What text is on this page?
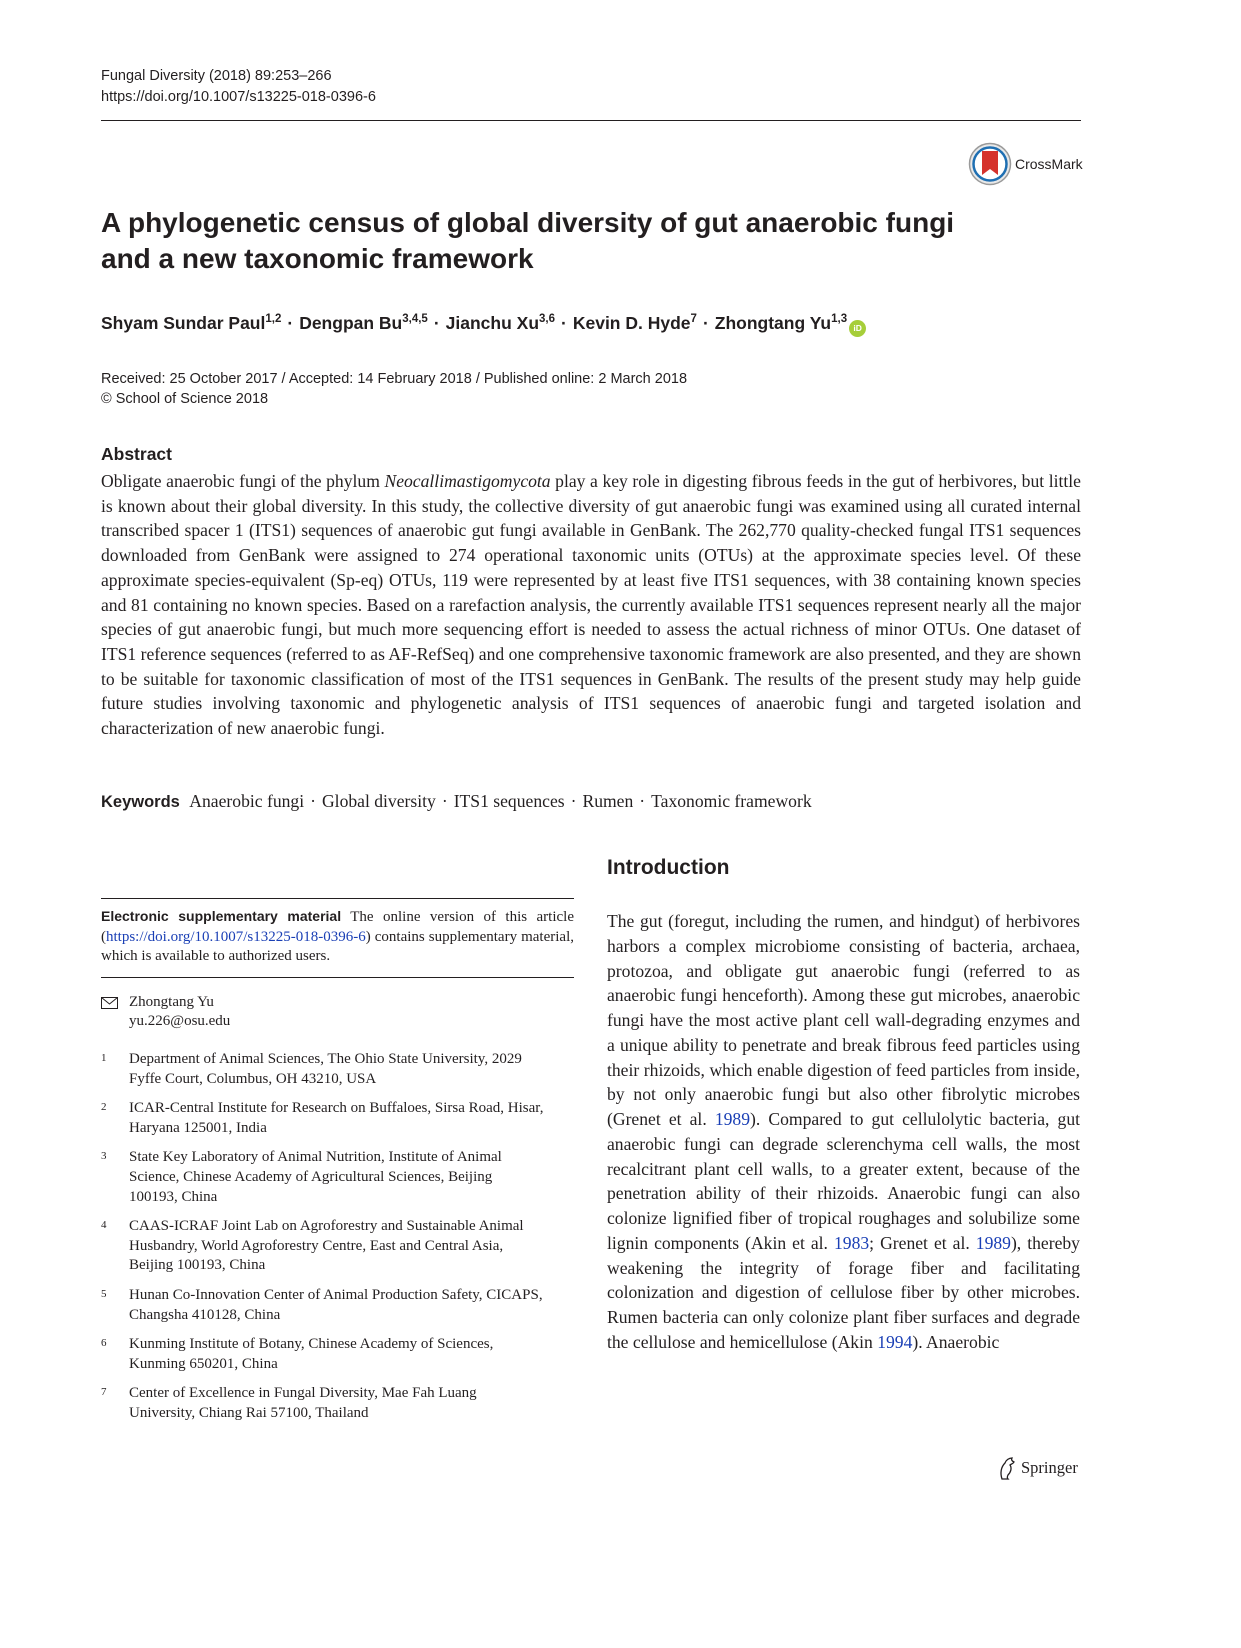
Fungal Diversity (2018) 89:253–266
https://doi.org/10.1007/s13225-018-0396-6
CrossMark
A phylogenetic census of global diversity of gut anaerobic fungi
and a new taxonomic framework
Shyam Sundar Paul$^{1,2}$ · Dengpan Bu$^{3,4,5}$ · Jianchu Xu$^{3,6}$ · Kevin D. Hyde$^7$ · Zhongtang Yu$^{1,3}$iD
Received: 25 October 2017 / Accepted: 14 February 2018 / Published online: 2 March 2018
© School of Science 2018
Abstract

Obligate anaerobic fungi of the phylum Neocallimastigomycota play a key role in digesting fibrous feeds in the gut of herbivores, but little is known about their global diversity. In this study, the collective diversity of gut anaerobic fungi was examined using all curated internal transcribed spacer 1 (ITS1) sequences of anaerobic gut fungi available in GenBank. The 262,770 quality-checked fungal ITS1 sequences downloaded from GenBank were assigned to 274 operational taxonomic units (OTUs) at the approximate species level. Of these approximate species-equivalent (Sp-eq) OTUs, 119 were represented by at least five ITS1 sequences, with 38 containing known species and 81 containing no known species. Based on a rarefaction analysis, the currently available ITS1 sequences represent nearly all the major species of gut anaerobic fungi, but much more sequencing effort is needed to assess the actual richness of minor OTUs. One dataset of ITS1 reference sequences (referred to as AF-RefSeq) and one comprehensive taxonomic framework are also presented, and they are shown to be suitable for taxonomic classification of most of the ITS1 sequences in GenBank. The results of the present study may help guide future studies involving taxonomic and phylogenetic analysis of ITS1 sequences of anaerobic fungi and targeted isolation and characterization of new anaerobic fungi.

Keywords Anaerobic fungi · Global diversity · ITS1 sequences · Rumen · Taxonomic framework

Electronic supplementary material The online version of this article (https://doi.org/10.1007/s13225-018-0396-6) contains supplementary material, which is available to authorized users.

Zhongtang Yu
yu.226@osu.edu
1	Department of Animal Sciences, The Ohio State University, 2029 Fyffe Court, Columbus, OH 43210, USA
2	ICAR-Central Institute for Research on Buffaloes, Sirsa Road, Hisar, Haryana 125001, India
3	State Key Laboratory of Animal Nutrition, Institute of Animal Science, Chinese Academy of Agricultural Sciences, Beijing 100193, China
4	CAAS-ICRAF Joint Lab on Agroforestry and Sustainable Animal Husbandry, World Agroforestry Centre, East and Central Asia, Beijing 100193, China
5	Hunan Co-Innovation Center of Animal Production Safety, CICAPS, Changsha 410128, China
6	Kunming Institute of Botany, Chinese Academy of Sciences, Kunming 650201, China
7	Center of Excellence in Fungal Diversity, Mae Fah Luang University, Chiang Rai 57100, Thailand
Introduction

The gut (foregut, including the rumen, and hindgut) of herbivores harbors a complex microbiome consisting of bacteria, archaea, protozoa, and obligate gut anaerobic fungi (referred to as anaerobic fungi henceforth). Among these gut microbes, anaerobic fungi have the most active plant cell wall-degrading enzymes and a unique ability to penetrate and break fibrous feed particles using their rhizoids, which enable digestion of feed particles from inside, by not only anaerobic fungi but also other fibrolytic microbes (Grenet et al. 1989). Compared to gut cellulolytic bacteria, gut anaerobic fungi can degrade sclerenchyma cell walls, the most recalcitrant plant cell walls, to a greater extent, because of the penetration ability of their rhizoids. Anaerobic fungi can also colonize lignified fiber of tropical roughages and solubilize some lignin components (Akin et al. 1983; Grenet et al. 1989), thereby weakening the integrity of forage fiber and facilitating colonization and digestion of cellulose fiber by other microbes. Rumen bacteria can only colonize plant fiber surfaces and degrade the cellulose and hemicellulose (Akin 1994). Anaerobic

Springer
